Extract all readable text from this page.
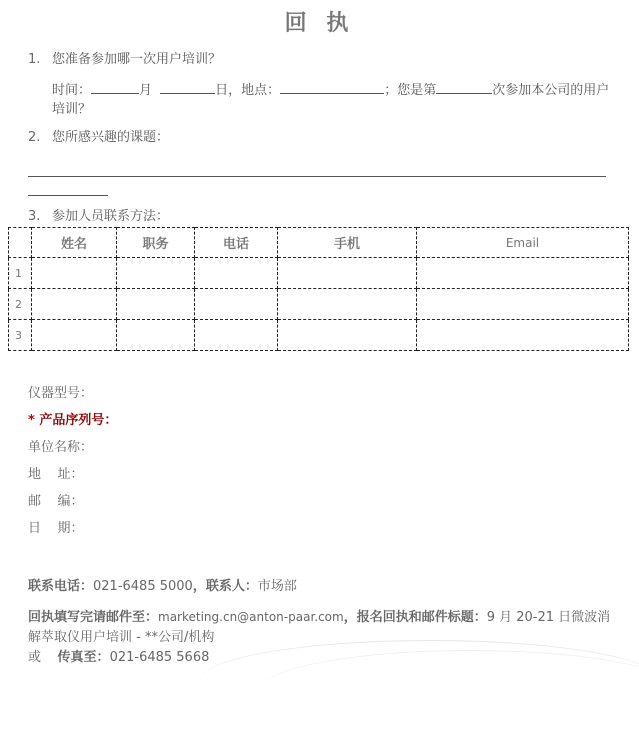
回 执
1. 您准备参加哪一次用户培训？
时间：	月	日，地点：	；您是第	次参加本公司的用户培训？
2. 您所感兴趣的课题：
3. 参加人员联系方法：
	姓名	职务	电话	手机	Email
1					
2					
3					
仪器型号：
* 产品序列号：
单位名称：
地    址：
邮    编：
日    期：
联系电话：021-6485 5000，联系人：市场部
回执填写完请邮件至：marketing.cn@anton-paar.com，报名回执和邮件标题：9 月 20-21 日微波消解萃取仪用户培训 - **公司/机构
或 传真至：021-6485 5668
